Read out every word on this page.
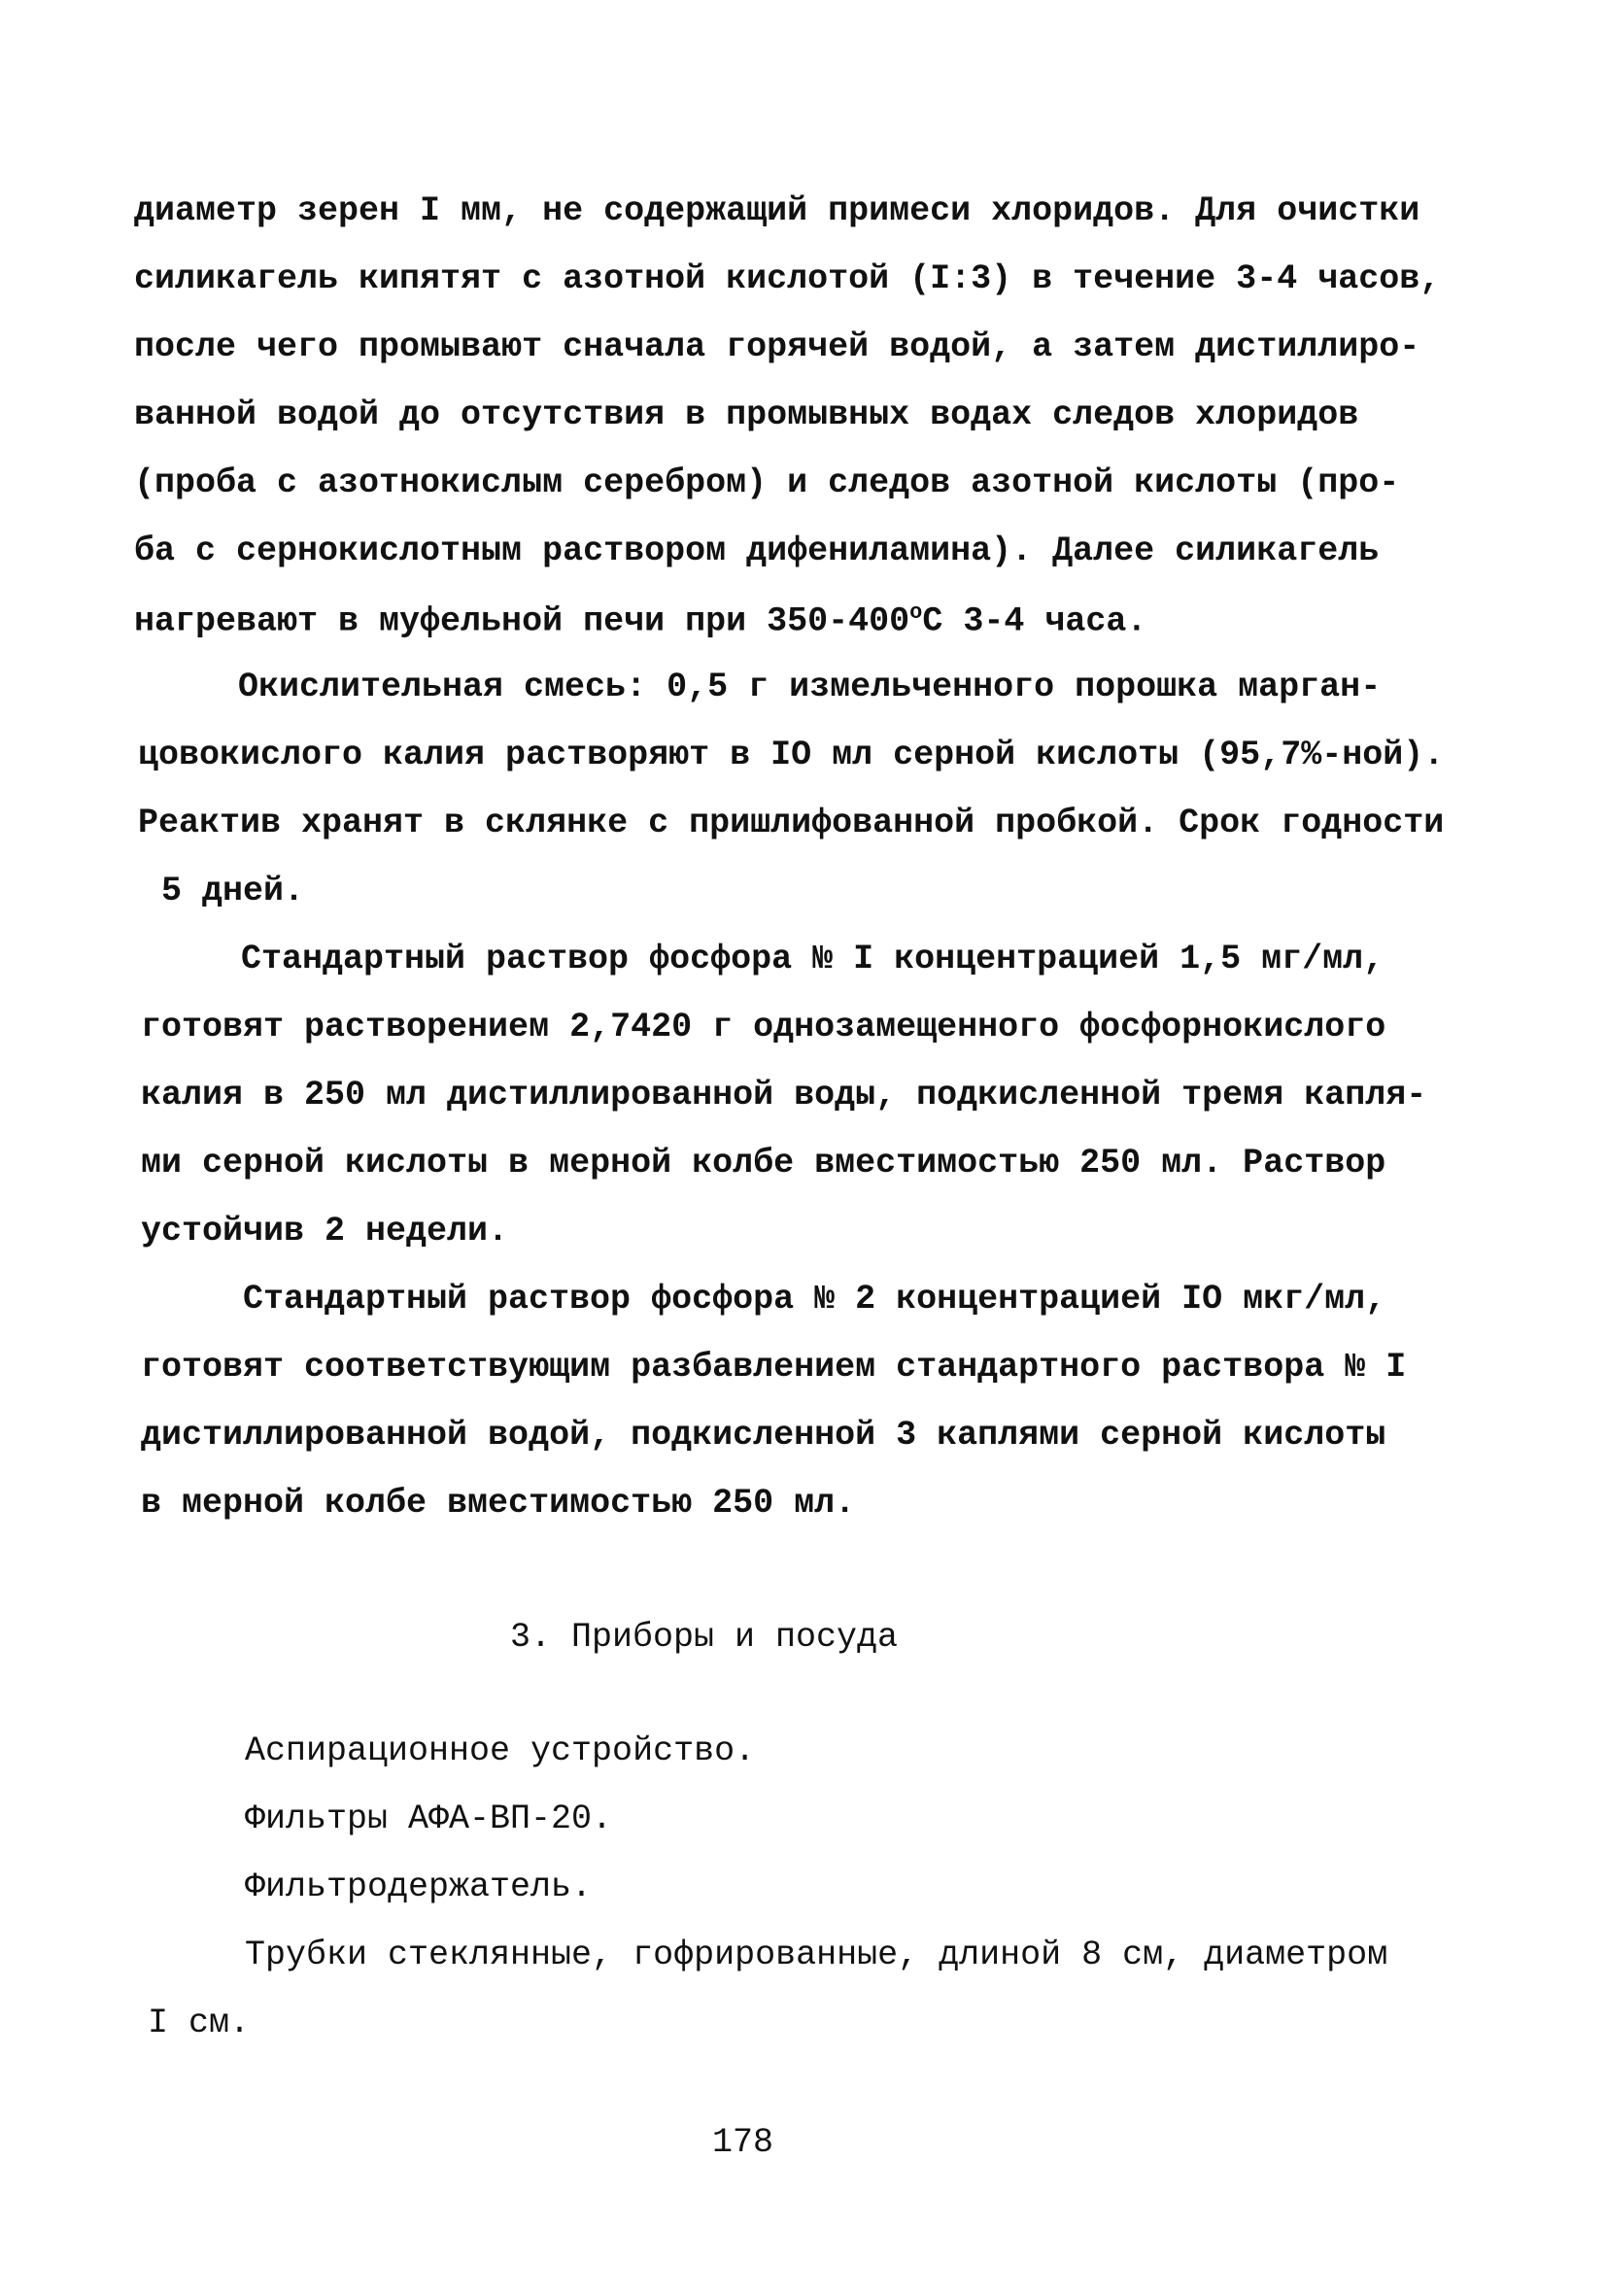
диаметр зерен I мм, не содержащий примеси хлоридов. Для очистки
силикагель кипятят с азотной кислотой (I:3) в течение 3-4 часов,
после чего промывают сначала горячей водой, а затем дистиллиро-
ванной водой до отсутствия в промывных водах следов хлоридов
(проба с азотнокислым серебром) и следов азотной кислоты (про-
ба с сернокислотным раствором дифениламина). Далее силикагель
нагревают в муфельной печи при $350-400^оС$ 3-4 часа.
Окислительная смесь: 0,5 г измельченного порошка марган-
цовокислого калия растворяют в IO мл серной кислоты (95,7%-ной).
Реактив хранят в склянке с пришлифованной пробкой. Срок годности
5 дней.
Стандартный раствор фосфора № I концентрацией 1,5 мг/мл,
готовят растворением 2,7420 г однозамещенного фосфорнокислого
калия в 250 мл дистиллированной воды, подкисленной тремя капля-
ми серной кислоты в мерной колбе вместимостью 250 мл. Раствор
устойчив 2 недели.
Стандартный раствор фосфора № 2 концентрацией IO мкг/мл,
готовят соответствующим разбавлением стандартного раствора № I
дистиллированной водой, подкисленной 3 каплями серной кислоты
в мерной колбе вместимостью 250 мл.
3. Приборы и посуда
Аспирационное устройство.
Фильтры АФА-ВП-20.
Фильтродержатель.
Трубки стеклянные, гофрированные, длиной 8 см, диаметром
I см.
178
